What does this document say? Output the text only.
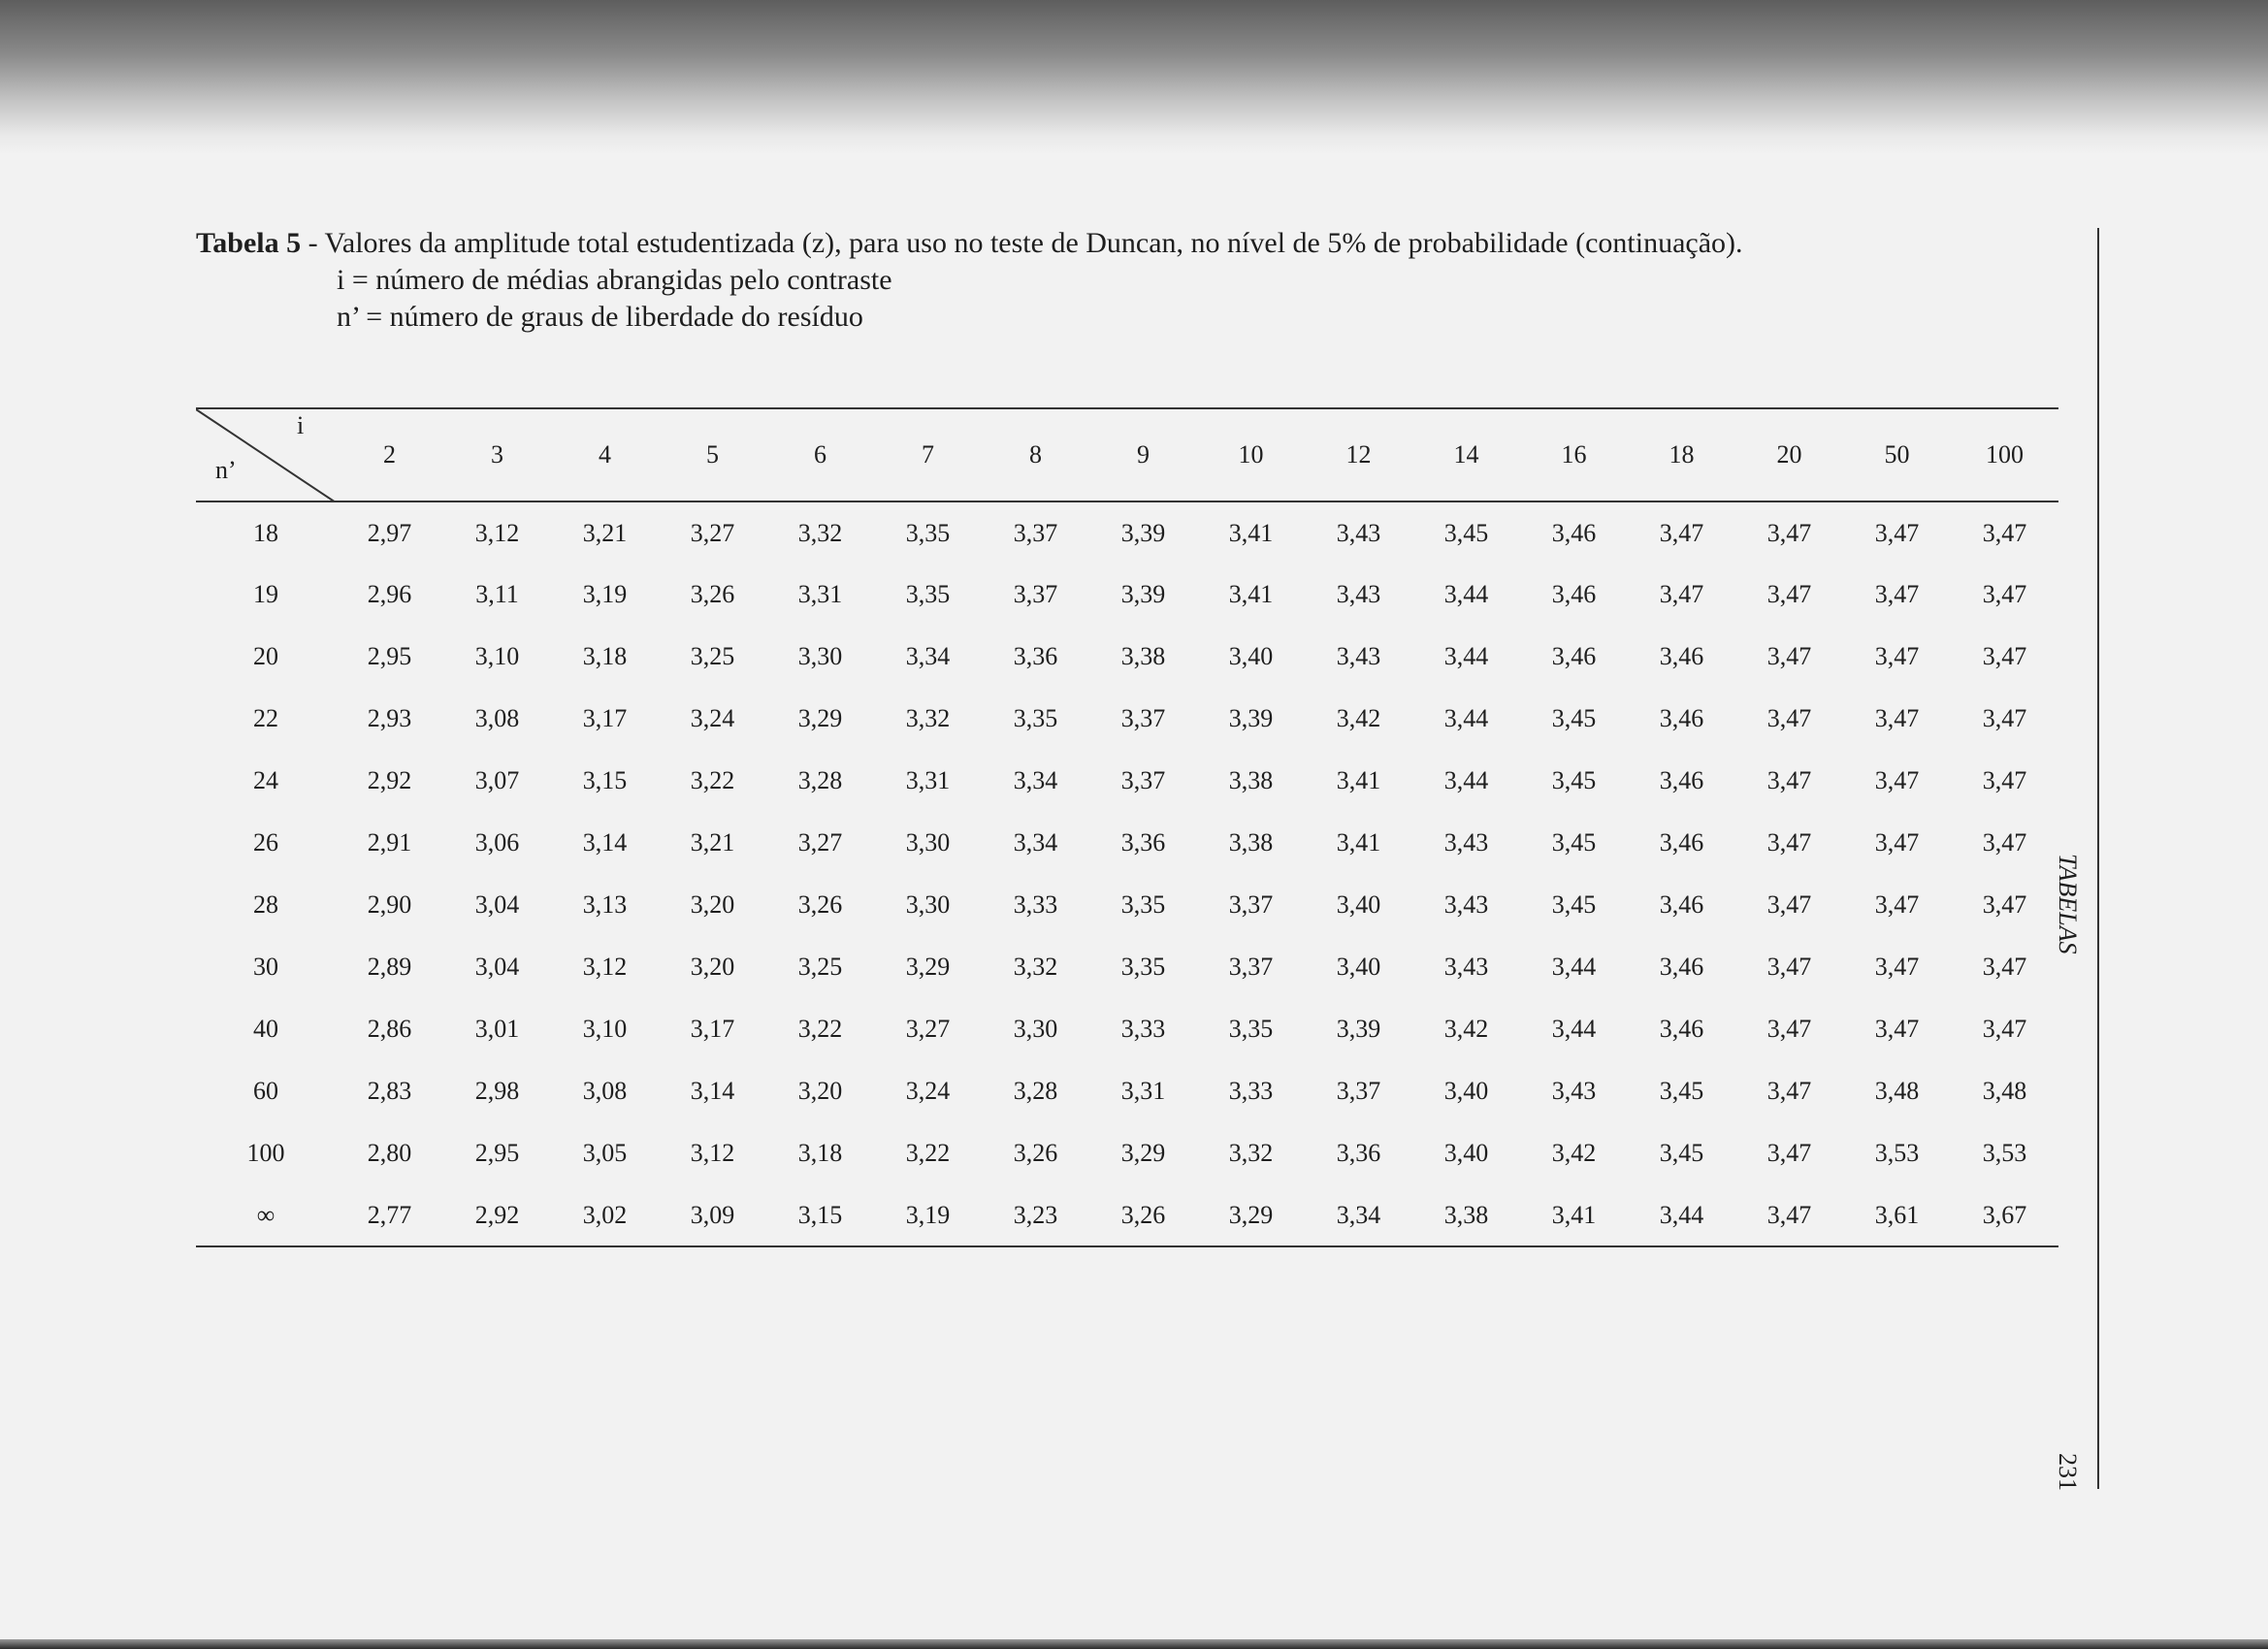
Tabela 5 - Valores da amplitude total estudentizada (z), para uso no teste de Duncan, no nível de 5% de probabilidade (continuação).
i = número de médias abrangidas pelo contraste
n’ = número de graus de liberdade do resíduo
i
n’	2	3	4	5	6	7	8	9	10	12	14	16	18	20	50	100
18	2,97	3,12	3,21	3,27	3,32	3,35	3,37	3,39	3,41	3,43	3,45	3,46	3,47	3,47	3,47	3,47
19	2,96	3,11	3,19	3,26	3,31	3,35	3,37	3,39	3,41	3,43	3,44	3,46	3,47	3,47	3,47	3,47
20	2,95	3,10	3,18	3,25	3,30	3,34	3,36	3,38	3,40	3,43	3,44	3,46	3,46	3,47	3,47	3,47
22	2,93	3,08	3,17	3,24	3,29	3,32	3,35	3,37	3,39	3,42	3,44	3,45	3,46	3,47	3,47	3,47
24	2,92	3,07	3,15	3,22	3,28	3,31	3,34	3,37	3,38	3,41	3,44	3,45	3,46	3,47	3,47	3,47
26	2,91	3,06	3,14	3,21	3,27	3,30	3,34	3,36	3,38	3,41	3,43	3,45	3,46	3,47	3,47	3,47
28	2,90	3,04	3,13	3,20	3,26	3,30	3,33	3,35	3,37	3,40	3,43	3,45	3,46	3,47	3,47	3,47
30	2,89	3,04	3,12	3,20	3,25	3,29	3,32	3,35	3,37	3,40	3,43	3,44	3,46	3,47	3,47	3,47
40	2,86	3,01	3,10	3,17	3,22	3,27	3,30	3,33	3,35	3,39	3,42	3,44	3,46	3,47	3,47	3,47
60	2,83	2,98	3,08	3,14	3,20	3,24	3,28	3,31	3,33	3,37	3,40	3,43	3,45	3,47	3,48	3,48
100	2,80	2,95	3,05	3,12	3,18	3,22	3,26	3,29	3,32	3,36	3,40	3,42	3,45	3,47	3,53	3,53
∞	2,77	2,92	3,02	3,09	3,15	3,19	3,23	3,26	3,29	3,34	3,38	3,41	3,44	3,47	3,61	3,67
TABELAS
231
